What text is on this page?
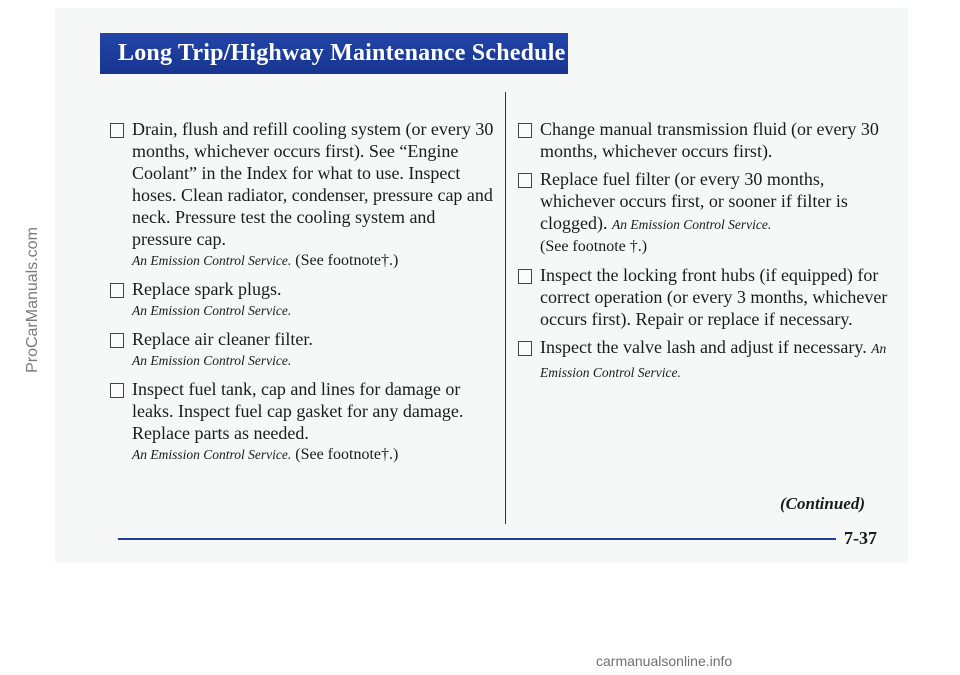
ProCarManuals.com
Long Trip/Highway Maintenance Schedule
Drain, flush and refill cooling system (or every 30 months, whichever occurs first). See “Engine Coolant” in the Index for what to use. Inspect hoses. Clean radiator, condenser, pressure cap and neck. Pressure test the cooling system and pressure cap.
An Emission Control Service. (See footnote†.)
Replace spark plugs.
An Emission Control Service.
Replace air cleaner filter.
An Emission Control Service.
Inspect fuel tank, cap and lines for damage or leaks. Inspect fuel cap gasket for any damage. Replace parts as needed.
An Emission Control Service. (See footnote†.)
Change manual transmission fluid (or every 30 months, whichever occurs first).
Replace fuel filter (or every 30 months, whichever occurs first, or sooner if filter is clogged). An Emission Control Service.
(See footnote †.)
Inspect the locking front hubs (if equipped) for correct operation (or every 3 months, whichever occurs first). Repair or replace if necessary.
Inspect the valve lash and adjust if necessary. An Emission Control Service.
(Continued)
7-37
carmanualsonline.info
